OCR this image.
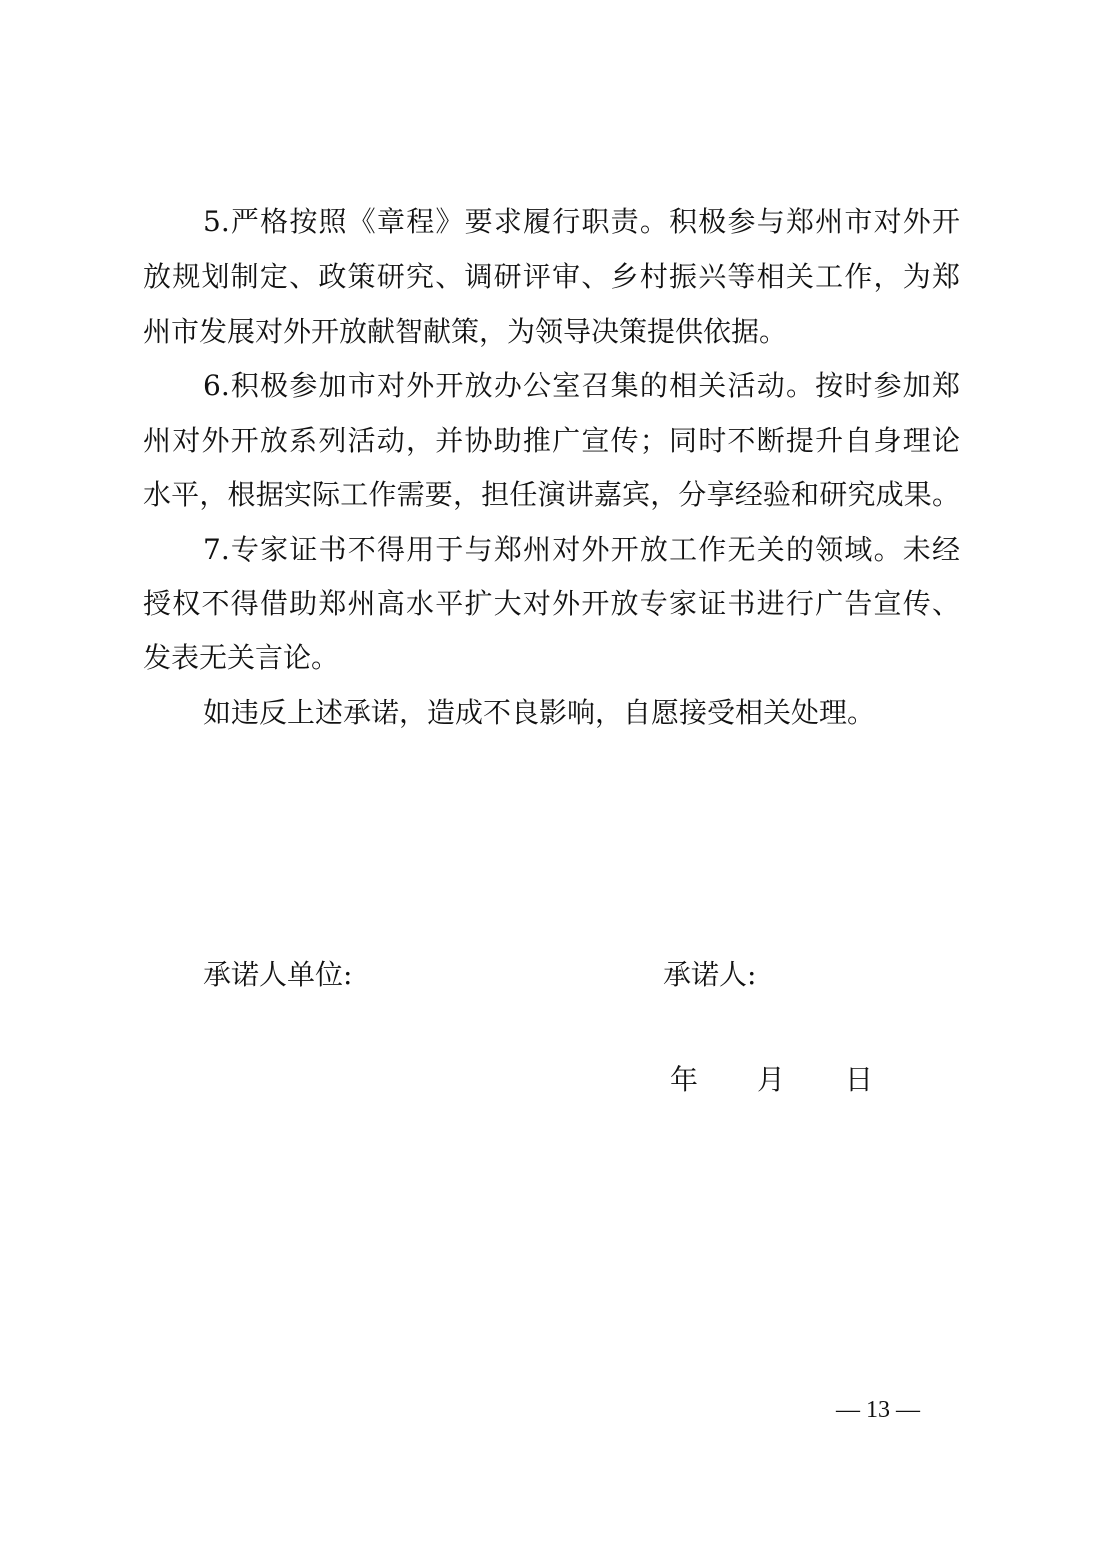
5.严格按照《章程》要求履行职责。积极参与郑州市对外开
放规划制定、政策研究、调研评审、乡村振兴等相关工作，为郑
州市发展对外开放献智献策，为领导决策提供依据。
6.积极参加市对外开放办公室召集的相关活动。按时参加郑
州对外开放系列活动，并协助推广宣传；同时不断提升自身理论
水平，根据实际工作需要，担任演讲嘉宾，分享经验和研究成果。
7.专家证书不得用于与郑州对外开放工作无关的领域。未经
授权不得借助郑州高水平扩大对外开放专家证书进行广告宣传、
发表无关言论。
如违反上述承诺，造成不良影响，自愿接受相关处理。
承诺人单位:	承诺人:
年 月 日
— 13 —
